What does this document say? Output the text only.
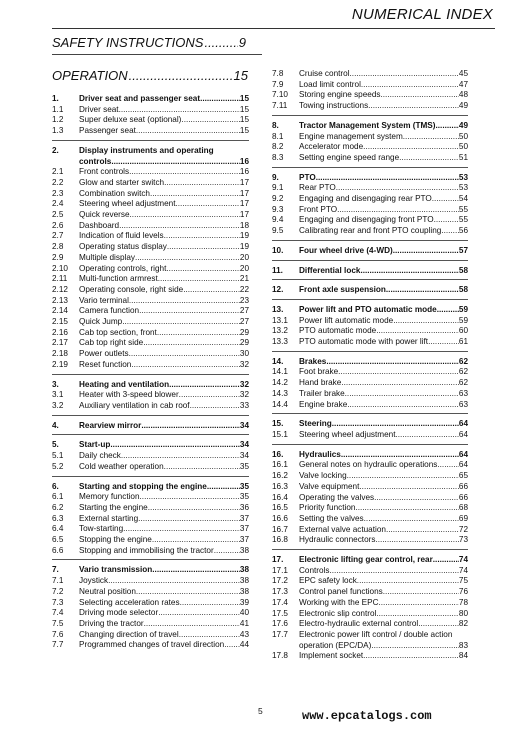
NUMERICAL INDEX
SAFETY INSTRUCTIONS .....	9
OPERATION .....	15
1.	Driver seat and passenger seat .....	15
1.1	Driver seat .....	15
1.2	Super deluxe seat (optional) .....	15
1.3	Passenger seat .....	15
2.	Display instruments and operating
controls .....	16
2.1	Front controls .....	16
2.2	Glow and starter switch .....	17
2.3	Combination switch .....	17
2.4	Steering wheel adjustment .....	17
2.5	Quick reverse .....	17
2.6	Dashboard .....	18
2.7	Indication of fluid levels .....	19
2.8	Operating status display .....	19
2.9	Multiple display .....	20
2.10	Operating controls, right .....	20
2.11	Multi-function armrest .....	21
2.12	Operating console, right side .....	22
2.13	Vario terminal .....	23
2.14	Camera function .....	27
2.15	Quick Jump .....	27
2.16	Cab top section, front .....	29
2.17	Cab top right side .....	29
2.18	Power outlets .....	30
2.19	Reset function .....	32
3.	Heating and ventilation .....	32
3.1	Heater with 3-speed blower .....	32
3.2	Auxiliary ventilation in cab roof .....	33
4.	Rearview mirror .....	34
5.	Start-up .....	34
5.1	Daily check .....	34
5.2	Cold weather operation .....	35
6.	Starting and stopping the engine .....	35
6.1	Memory function .....	35
6.2	Starting the engine .....	36
6.3	External starting .....	37
6.4	Tow-starting .....	37
6.5	Stopping the engine .....	37
6.6	Stopping and immobilising the tractor .....	38
7.	Vario transmission .....	38
7.1	Joystick .....	38
7.2	Neutral position .....	38
7.3	Selecting acceleration rates .....	39
7.4	Driving mode selector .....	40
7.5	Driving the tractor .....	41
7.6	Changing direction of travel .....	43
7.7	Programmed changes of travel direction ..... 44
7.8	Cruise control .....	45
7.9	Load limit control .....	47
7.10	Storing engine speeds .....	48
7.11	Towing instructions .....	49
8.	Tractor Management System (TMS) .....	49
8.1	Engine management system .....	50
8.2	Accelerator mode .....	50
8.3	Setting engine speed range .....	51
9.	PTO .....	53
9.1	Rear PTO .....	53
9.2	Engaging and disengaging rear PTO .....	54
9.3	Front PTO .....	55
9.4	Engaging and disengaging front PTO .....	55
9.5	Calibrating rear and front PTO coupling ..... 56
10.	Four wheel drive (4-WD) .....	57
11.	Differential lock .....	58
12.	Front axle suspension .....	58
13.	Power lift and PTO automatic mode .....	59
13.1	Power lift automatic mode .....	59
13.2	PTO automatic mode .....	60
13.3	PTO automatic mode with power lift .....	61
14.	Brakes .....	62
14.1	Foot brake .....	62
14.2	Hand brake .....	62
14.3	Trailer brake .....	63
14.4	Engine brake .....	63
15.	Steering .....	64
15.1	Steering wheel adjustment .....	64
16.	Hydraulics .....	64
16.1	General notes on hydraulic operations .....	64
16.2	Valve locking .....	65
16.3	Valve equipment .....	66
16.4	Operating the valves .....	66
16.5	Priority function .....	68
16.6	Setting the valves .....	69
16.7	External valve actuation .....	72
16.8	Hydraulic connectors .....	73
17.	Electronic lifting gear control, rear .....	74
17.1	Controls .....	74
17.2	EPC safety lock .....	75
17.3	Control panel functions .....	76
17.4	Working with the EPC .....	78
17.5	Electronic slip control .....	80
17.6	Electro-hydraulic external control .....	82
17.7	Electronic power lift control / double action
operation (EPC/DA) .....	83
17.8	Implement socket .....	84
5	www.epcatalogs.com
